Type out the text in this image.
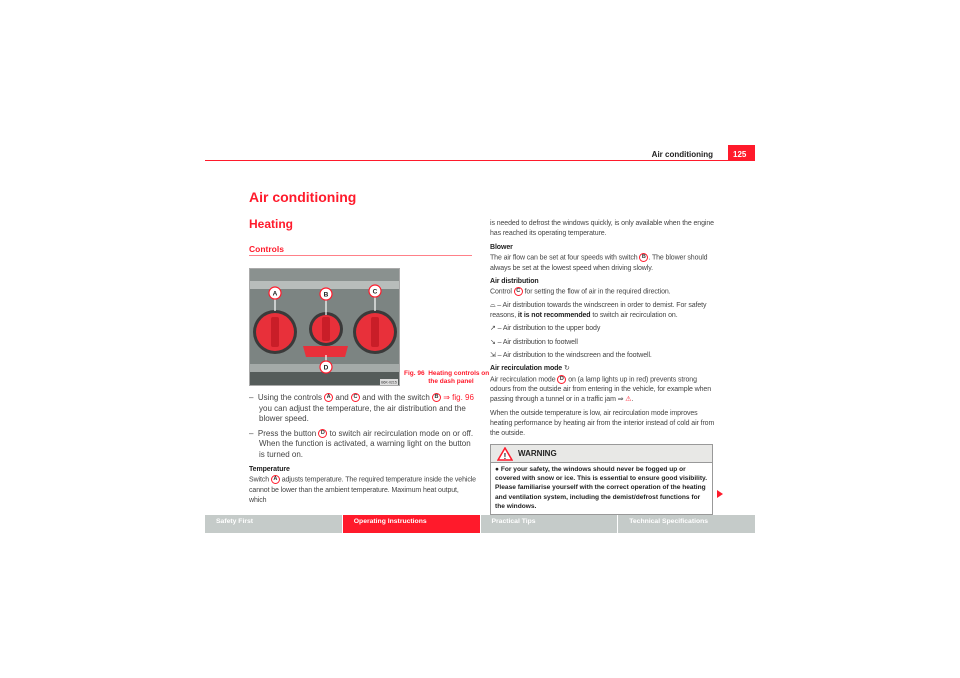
Air conditioning	125
Air conditioning
Heating
Controls
A	B	C
D
B6K-0215
Fig. 96 Heating controls on the dash panel
–  Using the controls A and C and with the switch B ⇒ fig. 96 you can adjust the temperature, the air distribution and the blower speed.
–  Press the button D to switch air recirculation mode on or off. When the function is activated, a warning light on the button is turned on.
Temperature
Switch A adjusts temperature. The required temperature inside the vehicle cannot be lower than the ambient temperature. Maximum heat output, which
is needed to defrost the windows quickly, is only available when the engine has reached its operating temperature.
Blower
The air flow can be set at four speeds with switch B . The blower should always be set at the lowest speed when driving slowly.
Air distribution
Control C for setting the flow of air in the required direction.
⌓ – Air distribution towards the windscreen in order to demist. For safety reasons, it is not recommended to switch air recirculation on.
↗ – Air distribution to the upper body
↘ – Air distribution to footwell
⇲ – Air distribution to the windscreen and the footwell.
Air recirculation mode ↻
Air recirculation mode D on (a lamp lights up in red) prevents strong odours from the outside air from entering in the vehicle, for example when passing through a tunnel or in a traffic jam ⇒ ⚠.
When the outside temperature is low, air recirculation mode improves heating performance by heating air from the interior instead of cold air from the outside.
! WARNING
● For your safety, the windows should never be fogged up or covered with snow or ice. This is essential to ensure good visibility. Please familiarise yourself with the correct operation of the heating and ventilation system, including the demist/defrost functions for the windows.
Safety First	Operating Instructions	Practical Tips	Technical Specifications
